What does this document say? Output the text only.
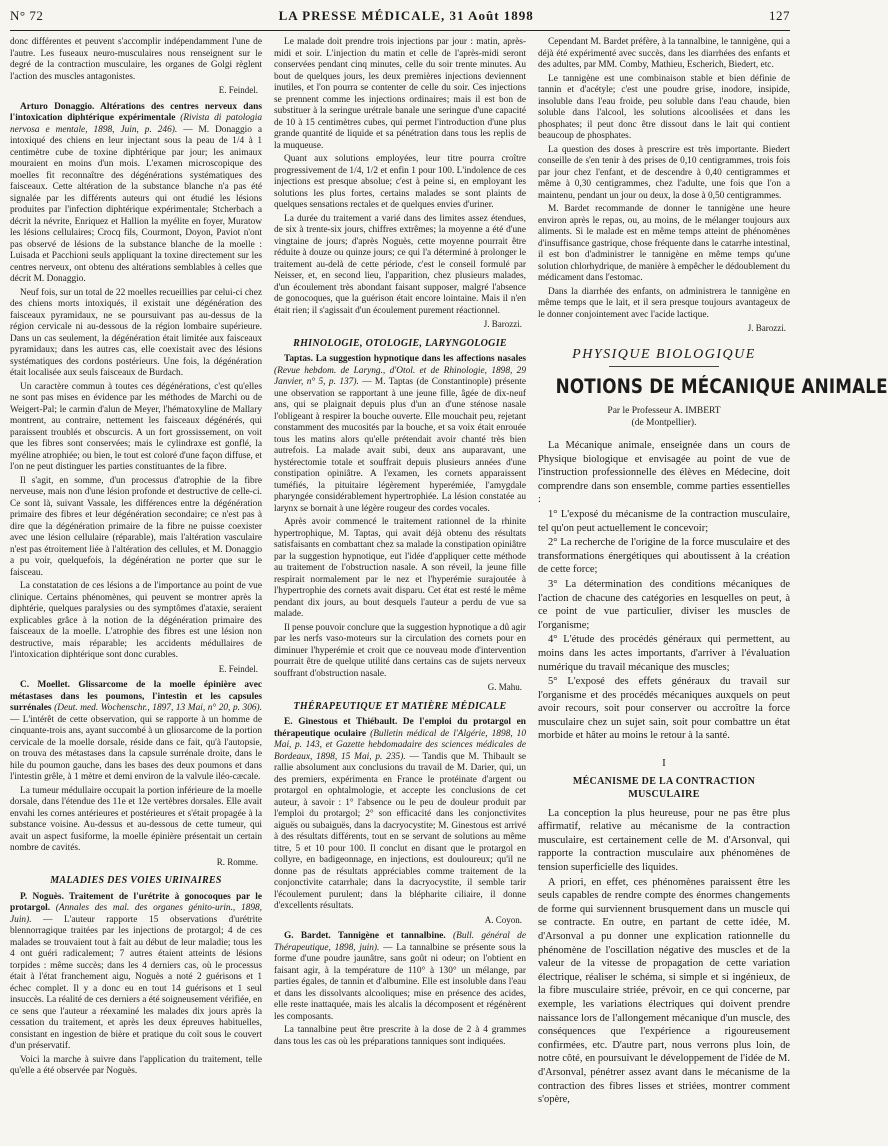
N° 72	LA PRESSE MÉDICALE, 31 Août 1898	127

donc différentes et peuvent s'accomplir indépendamment l'une de l'autre. Les fuseaux neuro-musculaires nous renseignent sur le degré de la contraction musculaire, les organes de Golgi règlent l'action des muscles antagonistes.

E. Feindel.

Arturo Donaggio. Altérations des centres nerveux dans l'intoxication diphtérique expérimentale (Rivista di patologia nervosa e mentale, 1898, Juin, p. 246). — M. Donaggio a intoxiqué des chiens en leur injectant sous la peau de 1/4 à 1 centimètre cube de toxine diphtérique par jour; les animaux mouraient en moins d'un mois. L'examen microscopique des moelles fit reconnaître des dégénérations systématiques des faisceaux. Cette altération de la substance blanche n'a pas été signalée par les différents auteurs qui ont étudié les lésions produites par l'infection diphtérique expérimentale; Stcherbach a décrit la névrite, Enriquez et Hallion la myélite en foyer, Muratow les lésions cellulaires; Crocq fils, Courmont, Doyon, Paviot n'ont pas observé de lésions de la substance blanche de la moelle : Luisada et Pacchioni seuls appliquant la toxine directement sur les centres nerveux, ont obtenu des altérations semblables à celles que décrit M. Donaggio.

Neuf fois, sur un total de 22 moelles recueillies par celui-ci chez des chiens morts intoxiqués, il existait une dégénération des faisceaux pyramidaux, ne se poursuivant pas au-dessus de la région cervicale ni au-dessous de la région lombaire supérieure. Dans un cas seulement, la dégénération était limitée aux faisceaux pyramidaux; dans les autres cas, elle coexistait avec des lésions systématiques des cordons postérieurs. Une fois, la dégénération était localisée aux seuls faisceaux de Burdach.

Un caractère commun à toutes ces dégénérations, c'est qu'elles ne sont pas mises en évidence par les méthodes de Marchi ou de Weigert-Pal; le carmin d'alun de Meyer, l'hématoxyline de Mallary montrent, au contraire, nettement les faisceaux dégénérés, qui paraissent troublés et obscurcis. A un fort grossissement, on voit que les fibres sont conservées; mais le cylindraxe est gonflé, la myéline atrophiée; ou bien, le tout est coloré d'une façon diffuse, et l'on ne peut distinguer les parties constituantes de la fibre.

Il s'agit, en somme, d'un processus d'atrophie de la fibre nerveuse, mais non d'une lésion profonde et destructive de celle-ci. Ce sont là, suivant Vassale, les différences entre la dégénération primaire des fibres et leur dégénération secondaire; ce n'est pas à dire que la dégénération primaire de la fibre ne puisse coexister avec une lésion cellulaire (réparable), mais l'altération vasculaire n'est pas étroitement liée à l'altération des cellules, et M. Donaggio a pu voir, quelquefois, la dégénération ne porter que sur le faisceau.

La constatation de ces lésions a de l'importance au point de vue clinique. Certains phénomènes, qui peuvent se montrer après la diphtérie, quelques paralysies ou des symptômes d'ataxie, seraient explicables grâce à la notion de la dégénération primaire des faisceaux de la moelle. L'atrophie des fibres est une lésion non destructive, mais réparable; les accidents médullaires de l'intoxication diphtérique sont donc curables.

E. Feindel.

C. Moellet. Glissarcome de la moelle épinière avec métastases dans les poumons, l'intestin et les capsules surrénales (Deut. med. Wochenschr., 1897, 13 Mai, n° 20, p. 306). — L'intérêt de cette observation, qui se rapporte à un homme de cinquante-trois ans, ayant succombé à un gliosarcome de la portion cervicale de la moelle dorsale, réside dans ce fait, qu'à l'autopsie, on trouva des métastases dans la capsule surrénale droite, dans le hile du poumon gauche, dans les bases des deux poumons et dans l'intestin grêle, à 1 mètre et demi environ de la valvule iléo-cæcale.

La tumeur médullaire occupait la portion inférieure de la moelle dorsale, dans l'étendue des 11e et 12e vertèbres dorsales. Elle avait envahi les cornes antérieures et postérieures et s'était propagée à la substance voisine. Au-dessus et au-dessous de cette tumeur, qui avait un aspect fusiforme, la moelle épinière présentait un certain nombre de cavités.

R. Romme.
MALADIES DES VOIES URINAIRES

P. Noguès. Traitement de l'urétrite à gonocoques par le protargol. (Annales des mal. des organes génito-urin., 1898, Juin). — L'auteur rapporte 15 observations d'urétrite blennorragique traitées par les injections de protargol; 4 de ces malades se trouvaient tout à fait au début de leur maladie; tous les 4 ont guéri radicalement; 7 autres étaient atteints de lésions torpides : même succès; dans les 4 derniers cas, où le processus était à l'état franchement aigu, Noguès a noté 2 guérisons et 1 échec complet. Il y a donc eu en tout 14 guérisons et 1 seul insuccès. La réalité de ces derniers a été soigneusement vérifiée, en ce sens que l'auteur a réexaminé les malades dix jours après la cessation du traitement, et après les deux épreuves habituelles, consistant en ingestion de bière et pratique du coït sous le couvert d'un préservatif.

Voici la marche à suivre dans l'application du traitement, telle qu'elle a été observée par Noguès.

Le malade doit prendre trois injections par jour : matin, après-midi et soir. L'injection du matin et celle de l'après-midi seront conservées pendant cinq minutes, celle du soir trente minutes. Au bout de quelques jours, les deux premières injections deviennent inutiles, et l'on pourra se contenter de celle du soir. Ces injections se prennent comme les injections ordinaires; mais il est bon de substituer à la seringue urétrale banale une seringue d'une capacité de 10 à 15 centimètres cubes, qui permet l'introduction d'une plus grande quantité de liquide et sa pénétration dans tous les replis de la muqueuse.

Quant aux solutions employées, leur titre pourra croître progressivement de 1/4, 1/2 et enfin 1 pour 100. L'indolence de ces injections est presque absolue; c'est à peine si, en employant les solutions les plus fortes, certains malades se sont plaints de quelques sensations rectales et de quelques envies d'uriner.

La durée du traitement a varié dans des limites assez étendues, de six à trente-six jours, chiffres extrêmes; la moyenne a été d'une vingtaine de jours; d'après Noguès, cette moyenne pourrait être réduite à douze ou quinze jours; ce qui l'a déterminé à prolonger le traitement au-delà de cette période, c'est le conseil formulé par Neisser, et, en second lieu, l'apparition, chez plusieurs malades, d'un écoulement très abondant faisant supposer, malgré l'absence de gonocoques, que la guérison était encore lointaine. Mais il n'en était rien; il s'agissait d'un écoulement purement réactionnel.

J. Barozzi.
RHINOLOGIE, OTOLOGIE, LARYNGOLOGIE

Taptas. La suggestion hypnotique dans les affections nasales (Revue hebdom. de Laryng., d'Otol. et de Rhinologie, 1898, 29 Janvier, n° 5, p. 137). — M. Taptas (de Constantinople) présente une observation se rapportant à une jeune fille, âgée de dix-neuf ans, qui se plaignait depuis plus d'un an d'une sténose nasale l'obligeant à respirer la bouche ouverte. Elle mouchait peu, rejetant constamment des mucosités par la bouche, et sa voix était enrouée tous les matins alors qu'elle prétendait avoir chanté très bien autrefois. La malade avait subi, deux ans auparavant, une hystérectomie totale et souffrait depuis plusieurs années d'une constipation opiniâtre. A l'examen, les cornets apparaissent tuméfiés, la pituitaire légèrement hyperémiée, l'amygdale pharyngée considérablement hypertrophiée. La lésion constatée au larynx se bornait à une légère rougeur des cordes vocales.

Après avoir commencé le traitement rationnel de la rhinite hypertrophique, M. Taptas, qui avait déjà obtenu des résultats satisfaisants en combattant chez sa malade la constipation opiniâtre par la suggestion hypnotique, eut l'idée d'appliquer cette méthode au traitement de l'obstruction nasale. A son réveil, la jeune fille respirait normalement par le nez et l'hyperémie surajoutée à l'hypertrophie des cornets avait disparu. Cet état est resté le même pendant dix jours, au bout desquels l'auteur a perdu de vue sa malade.

Il pense pouvoir conclure que la suggestion hypnotique a dû agir par les nerfs vaso-moteurs sur la circulation des cornets pour en diminuer l'hyperémie et croit que ce nouveau mode d'intervention pourrait être de quelque utilité dans certains cas de sujets nerveux souffrant d'obstruction nasale.

G. Mahu.
THÉRAPEUTIQUE ET MATIÈRE MÉDICALE

E. Ginestous et Thiébault. De l'emploi du protargol en thérapeutique oculaire (Bulletin médical de l'Algérie, 1898, 10 Mai, p. 143, et Gazette hebdomadaire des sciences médicales de Bordeaux, 1898, 15 Mai, p. 235). — Tandis que M. Thibault se rallie absolument aux conclusions du travail de M. Darier, qui, un des premiers, expérimenta en France le protéinate d'argent ou protargol en ophtalmologie, et accepte les conclusions de cet auteur, à savoir : 1° l'absence ou le peu de douleur produit par l'emploi du protargol; 2° son efficacité dans les conjonctivites aiguës ou subaiguës, dans la dacryocystite; M. Ginestous est arrivé à des résultats différents, tout en se servant de solutions au même titre, 5 et 10 pour 100. Il conclut en disant que le protargol en collyre, en badigeonnage, en injections, est douloureux; qu'il ne donne pas de résultats appréciables comme traitement de la conjonctivite catarrhale; dans la dacryocystite, il semble tarir l'écoulement purulent; dans la blépharite ciliaire, il donne d'excellents résultats.

A. Coyon.

G. Bardet. Tannigène et tannalbine. (Bull. général de Thérapeutique, 1898, juin). — La tannalbine se présente sous la forme d'une poudre jaunâtre, sans goût ni odeur; on l'obtient en faisant agir, à la température de 110° à 130° un mélange, par parties égales, de tannin et d'albumine. Elle est insoluble dans l'eau et dans les dissolvants alcooliques; mise en présence des acides, elle reste inattaquée, mais les alcalis la décomposent et régénèrent les composants.

La tannalbine peut être prescrite à la dose de 2 à 4 grammes dans tous les cas où les préparations tanniques sont indiquées.

Cependant M. Bardet préfère, à la tannalbine, le tannigène, qui a déjà été expérimenté avec succès, dans les diarrhées des enfants et des adultes, par MM. Comby, Mathieu, Escherich, Biedert, etc.

Le tannigène est une combinaison stable et bien définie de tannin et d'acétyle; c'est une poudre grise, inodore, insipide, insoluble dans l'eau froide, peu soluble dans l'eau chaude, bien soluble dans l'alcool, les solutions alcoolisées et dans les phosphates; il peut donc être dissout dans le lait qui contient beaucoup de phosphates.

La question des doses à prescrire est très importante. Biedert conseille de s'en tenir à des prises de 0,10 centigrammes, trois fois par jour chez l'enfant, et de descendre à 0,40 centigrammes et même à 0,30 centigrammes, chez l'adulte, une fois que l'on a maintenu, pendant un jour ou deux, la dose à 0,50 centigrammes.

M. Bardet recommande de donner le tannigène une heure environ après le repas, ou, au moins, de le mélanger toujours aux aliments. Si le malade est en même temps atteint de phénomènes d'insuffisance gastrique, chose fréquente dans le catarrhe intestinal, il est bon d'administrer le tannigène en même temps qu'une solution chlorhydrique, de manière à empêcher le dédoublement du médicament dans l'estomac.

Dans la diarrhée des enfants, on administrera le tannigène en même temps que le lait, et il sera presque toujours avantageux de le donner conjointement avec l'acide lactique.

J. Barozzi.
PHYSIQUE BIOLOGIQUE
NOTIONS DE MÉCANIQUE ANIMALE
Par le Professeur A. IMBERT
(de Montpellier).

La Mécanique animale, enseignée dans un cours de Physique biologique et envisagée au point de vue de l'instruction professionnelle des élèves en Médecine, doit comprendre dans son ensemble, comme parties essentielles :

1° L'exposé du mécanisme de la contraction musculaire, tel qu'on peut actuellement le concevoir;

2° La recherche de l'origine de la force musculaire et des transformations énergétiques qui aboutissent à la création de cette force;

3° La détermination des conditions mécaniques de l'action de chacune des catégories en lesquelles on peut, à ce point de vue particulier, diviser les muscles de l'organisme;

4° L'étude des procédés généraux qui permettent, au moins dans les actes importants, d'arriver à l'évaluation numérique du travail mécanique des muscles;

5° L'exposé des effets généraux du travail sur l'organisme et des procédés mécaniques auxquels on peut avoir recours, soit pour conserver ou accroître la force musculaire chez un sujet sain, soit pour combattre un état morbide et hâter au moins le retour à la santé.

I
MÉCANISME DE LA CONTRACTION
MUSCULAIRE

La conception la plus heureuse, pour ne pas être plus affirmatif, relative au mécanisme de la contraction musculaire, est certainement celle de M. d'Arsonval, qui rapporte la contraction musculaire aux phénomènes de tension superficielle des liquides.

A priori, en effet, ces phénomènes paraissent être les seuls capables de rendre compte des énormes changements de forme qui surviennent brusquement dans un muscle qui se contracte. En outre, en partant de cette idée, M. d'Arsonval a pu donner une explication rationnelle du phénomène de l'oscillation négative des muscles et de la valeur de la vitesse de propagation de cette variation électrique, réaliser le schéma, si simple et si ingénieux, de la fibre musculaire striée, prévoir, en ce qui concerne, par exemple, les variations électriques qui doivent prendre naissance lors de l'allongement mécanique d'un muscle, des conséquences que l'expérience a rigoureusement confirmées, etc. D'autre part, nous verrons plus loin, de notre côté, en poursuivant le développement de l'idée de M. d'Arsonval, pénétrer assez avant dans le mécanisme de la contraction des fibres lisses et striées, montrer comment s'opère,
